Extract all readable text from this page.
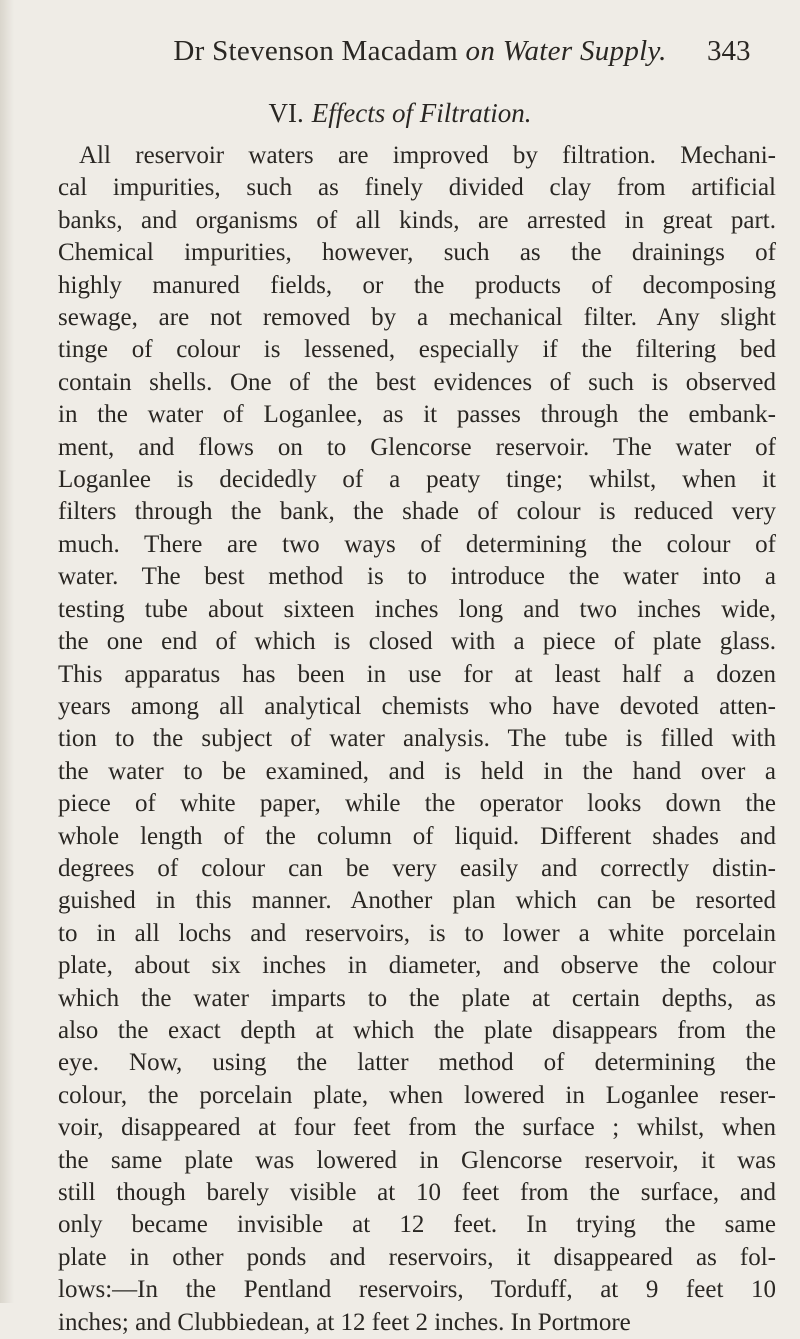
Dr Stevenson Macadam on Water Supply.	343
VI. Effects of Filtration.
All reservoir waters are improved by filtration. Mechani-
cal impurities, such as finely divided clay from artificial
banks, and organisms of all kinds, are arrested in great part.
Chemical impurities, however, such as the drainings of
highly manured fields, or the products of decomposing
sewage, are not removed by a mechanical filter. Any slight
tinge of colour is lessened, especially if the filtering bed
contain shells. One of the best evidences of such is observed
in the water of Loganlee, as it passes through the embank-
ment, and flows on to Glencorse reservoir. The water of
Loganlee is decidedly of a peaty tinge; whilst, when it
filters through the bank, the shade of colour is reduced very
much. There are two ways of determining the colour of
water. The best method is to introduce the water into a
testing tube about sixteen inches long and two inches wide,
the one end of which is closed with a piece of plate glass.
This apparatus has been in use for at least half a dozen
years among all analytical chemists who have devoted atten-
tion to the subject of water analysis. The tube is filled with
the water to be examined, and is held in the hand over a
piece of white paper, while the operator looks down the
whole length of the column of liquid. Different shades and
degrees of colour can be very easily and correctly distin-
guished in this manner. Another plan which can be resorted
to in all lochs and reservoirs, is to lower a white porcelain
plate, about six inches in diameter, and observe the colour
which the water imparts to the plate at certain depths, as
also the exact depth at which the plate disappears from the
eye. Now, using the latter method of determining the
colour, the porcelain plate, when lowered in Loganlee reser-
voir, disappeared at four feet from the surface ; whilst, when
the same plate was lowered in Glencorse reservoir, it was
still though barely visible at 10 feet from the surface, and
only became invisible at 12 feet. In trying the same
plate in other ponds and reservoirs, it disappeared as fol-
lows:—In the Pentland reservoirs, Torduff, at 9 feet 10
inches; and Clubbiedean, at 12 feet 2 inches. In Portmore
